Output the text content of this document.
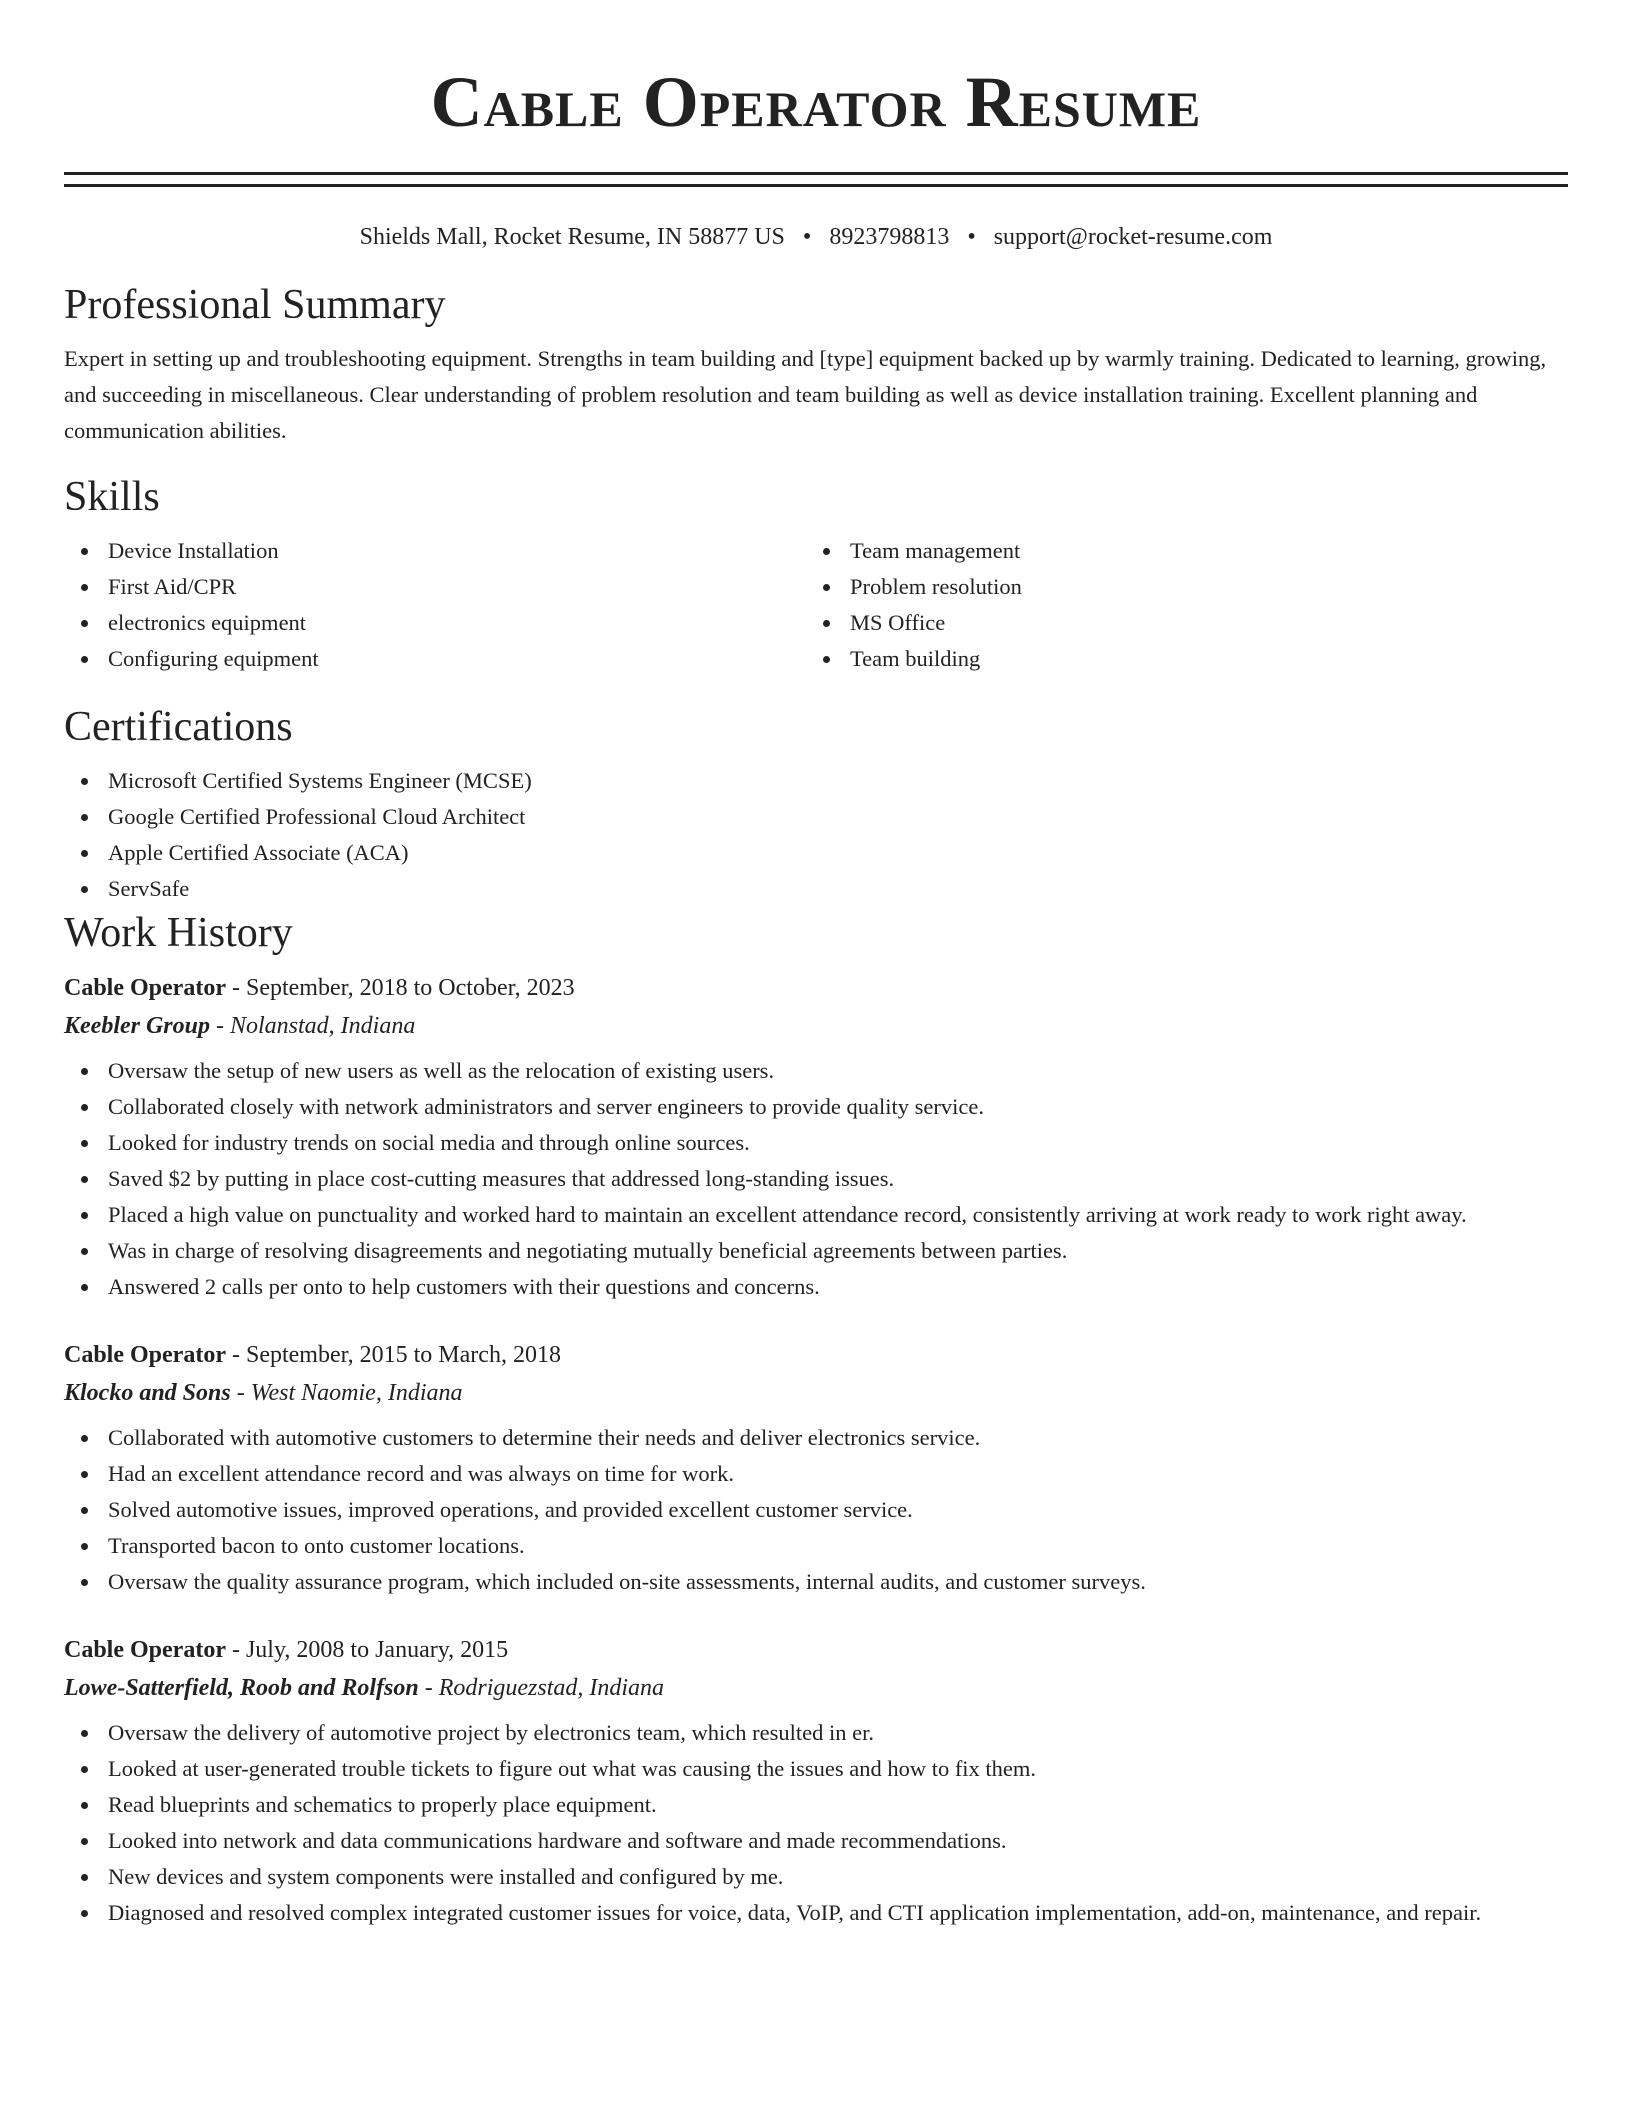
Cable Operator Resume
Shields Mall, Rocket Resume, IN 58877 US • 8923798813 • support@rocket-resume.com
Professional Summary

Expert in setting up and troubleshooting equipment. Strengths in team building and [type] equipment backed up by warmly training. Dedicated to learning, growing, and succeeding in miscellaneous. Clear understanding of problem resolution and team building as well as device installation training. Excellent planning and communication abilities.

Skills
Device Installation
First Aid/CPR
electronics equipment
Configuring equipment
Team management
Problem resolution
MS Office
Team building
Certifications
Microsoft Certified Systems Engineer (MCSE)
Google Certified Professional Cloud Architect
Apple Certified Associate (ACA)
ServSafe
Work History
Cable Operator - September, 2018 to October, 2023
Keebler Group - Nolanstad, Indiana
Oversaw the setup of new users as well as the relocation of existing users.
Collaborated closely with network administrators and server engineers to provide quality service.
Looked for industry trends on social media and through online sources.
Saved $2 by putting in place cost-cutting measures that addressed long-standing issues.
Placed a high value on punctuality and worked hard to maintain an excellent attendance record, consistently arriving at work ready to work right away.
Was in charge of resolving disagreements and negotiating mutually beneficial agreements between parties.
Answered 2 calls per onto to help customers with their questions and concerns.
Cable Operator - September, 2015 to March, 2018
Klocko and Sons - West Naomie, Indiana
Collaborated with automotive customers to determine their needs and deliver electronics service.
Had an excellent attendance record and was always on time for work.
Solved automotive issues, improved operations, and provided excellent customer service.
Transported bacon to onto customer locations.
Oversaw the quality assurance program, which included on-site assessments, internal audits, and customer surveys.
Cable Operator - July, 2008 to January, 2015
Lowe-Satterfield, Roob and Rolfson - Rodriguezstad, Indiana
Oversaw the delivery of automotive project by electronics team, which resulted in er.
Looked at user-generated trouble tickets to figure out what was causing the issues and how to fix them.
Read blueprints and schematics to properly place equipment.
Looked into network and data communications hardware and software and made recommendations.
New devices and system components were installed and configured by me.
Diagnosed and resolved complex integrated customer issues for voice, data, VoIP, and CTI application implementation, add-on, maintenance, and repair.
